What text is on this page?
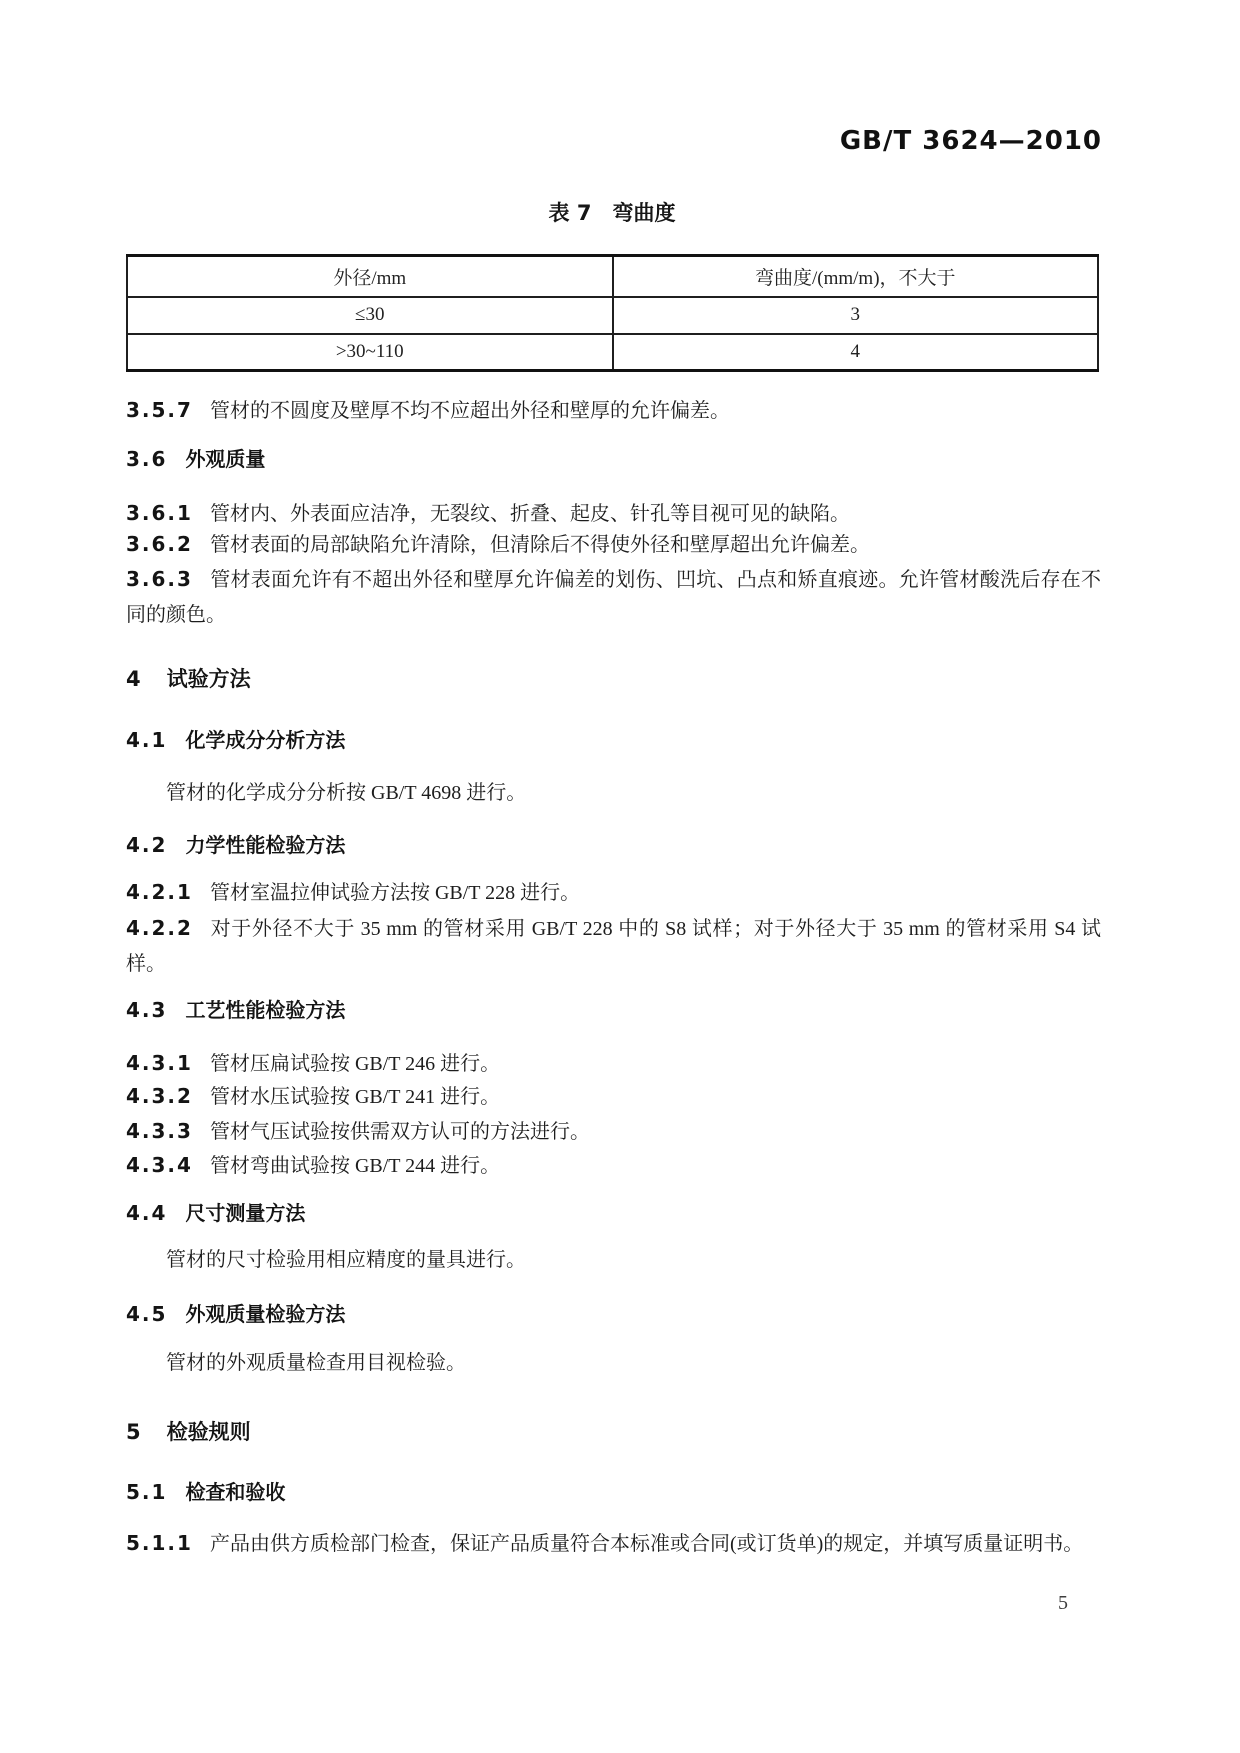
GB/T 3624—2010
表 7　弯曲度
外径/mm	弯曲度/(mm/m)，不大于
≤30	3
>30~110	4
3.5.7 管材的不圆度及壁厚不均不应超出外径和壁厚的允许偏差。
3.6 外观质量
3.6.1 管材内、外表面应洁净，无裂纹、折叠、起皮、针孔等目视可见的缺陷。
3.6.2 管材表面的局部缺陷允许清除，但清除后不得使外径和壁厚超出允许偏差。
3.6.3 管材表面允许有不超出外径和壁厚允许偏差的划伤、凹坑、凸点和矫直痕迹。允许管材酸洗后存在不同的颜色。
4 试验方法
4.1 化学成分分析方法
管材的化学成分分析按 GB/T 4698 进行。
4.2 力学性能检验方法
4.2.1 管材室温拉伸试验方法按 GB/T 228 进行。
4.2.2 对于外径不大于 35 mm 的管材采用 GB/T 228 中的 S8 试样；对于外径大于 35 mm 的管材采用 S4 试样。
4.3 工艺性能检验方法
4.3.1 管材压扁试验按 GB/T 246 进行。
4.3.2 管材水压试验按 GB/T 241 进行。
4.3.3 管材气压试验按供需双方认可的方法进行。
4.3.4 管材弯曲试验按 GB/T 244 进行。
4.4 尺寸测量方法
管材的尺寸检验用相应精度的量具进行。
4.5 外观质量检验方法
管材的外观质量检查用目视检验。
5 检验规则
5.1 检查和验收
5.1.1 产品由供方质检部门检查，保证产品质量符合本标准或合同(或订货单)的规定，并填写质量证明书。
5
